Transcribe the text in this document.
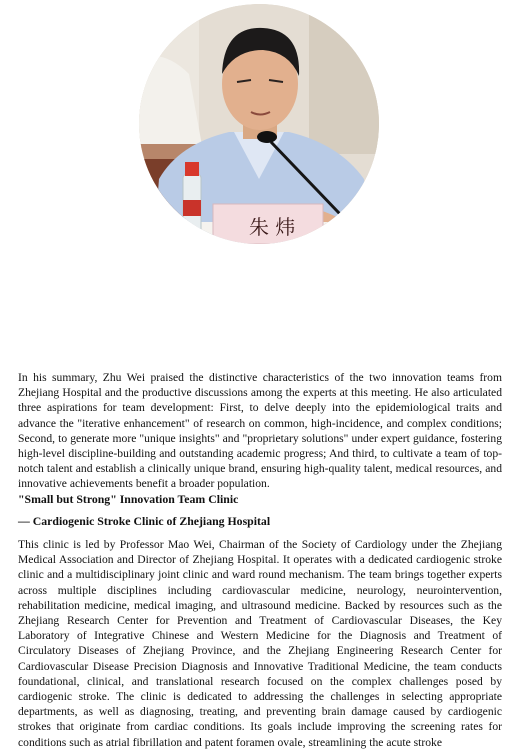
朱 炜

In his summary, Zhu Wei praised the distinctive characteristics of the two innovation teams from Zhejiang Hospital and the productive discussions among the experts at this meeting. He also articulated three aspirations for team development: First, to delve deeply into the epidemiological traits and advance the "iterative enhancement" of research on common, high-incidence, and complex conditions; Second, to generate more "unique insights" and "proprietary solutions" under expert guidance, fostering high-level discipline-building and outstanding academic progress; And third, to cultivate a team of top-notch talent and establish a clinically unique brand, ensuring high-quality talent, medical resources, and innovative achievements benefit a broader population.

"Small but Strong" Innovation Team Clinic

— Cardiogenic Stroke Clinic of Zhejiang Hospital

This clinic is led by Professor Mao Wei, Chairman of the Society of Cardiology under the Zhejiang Medical Association and Director of Zhejiang Hospital. It operates with a dedicated cardiogenic stroke clinic and a multidisciplinary joint clinic and ward round mechanism. The team brings together experts across multiple disciplines including cardiovascular medicine, neurology, neurointervention, rehabilitation medicine, medical imaging, and ultrasound medicine. Backed by resources such as the Zhejiang Research Center for Prevention and Treatment of Cardiovascular Diseases, the Key Laboratory of Integrative Chinese and Western Medicine for the Diagnosis and Treatment of Circulatory Diseases of Zhejiang Province, and the Zhejiang Engineering Research Center for Cardiovascular Disease Precision Diagnosis and Innovative Traditional Medicine, the team conducts foundational, clinical, and translational research focused on the complex challenges posed by cardiogenic stroke. The clinic is dedicated to addressing the challenges in selecting appropriate departments, as well as diagnosing, treating, and preventing brain damage caused by cardiogenic strokes that originate from cardiac conditions. Its goals include improving the screening rates for conditions such as atrial fibrillation and patent foramen ovale, streamlining the acute stroke
